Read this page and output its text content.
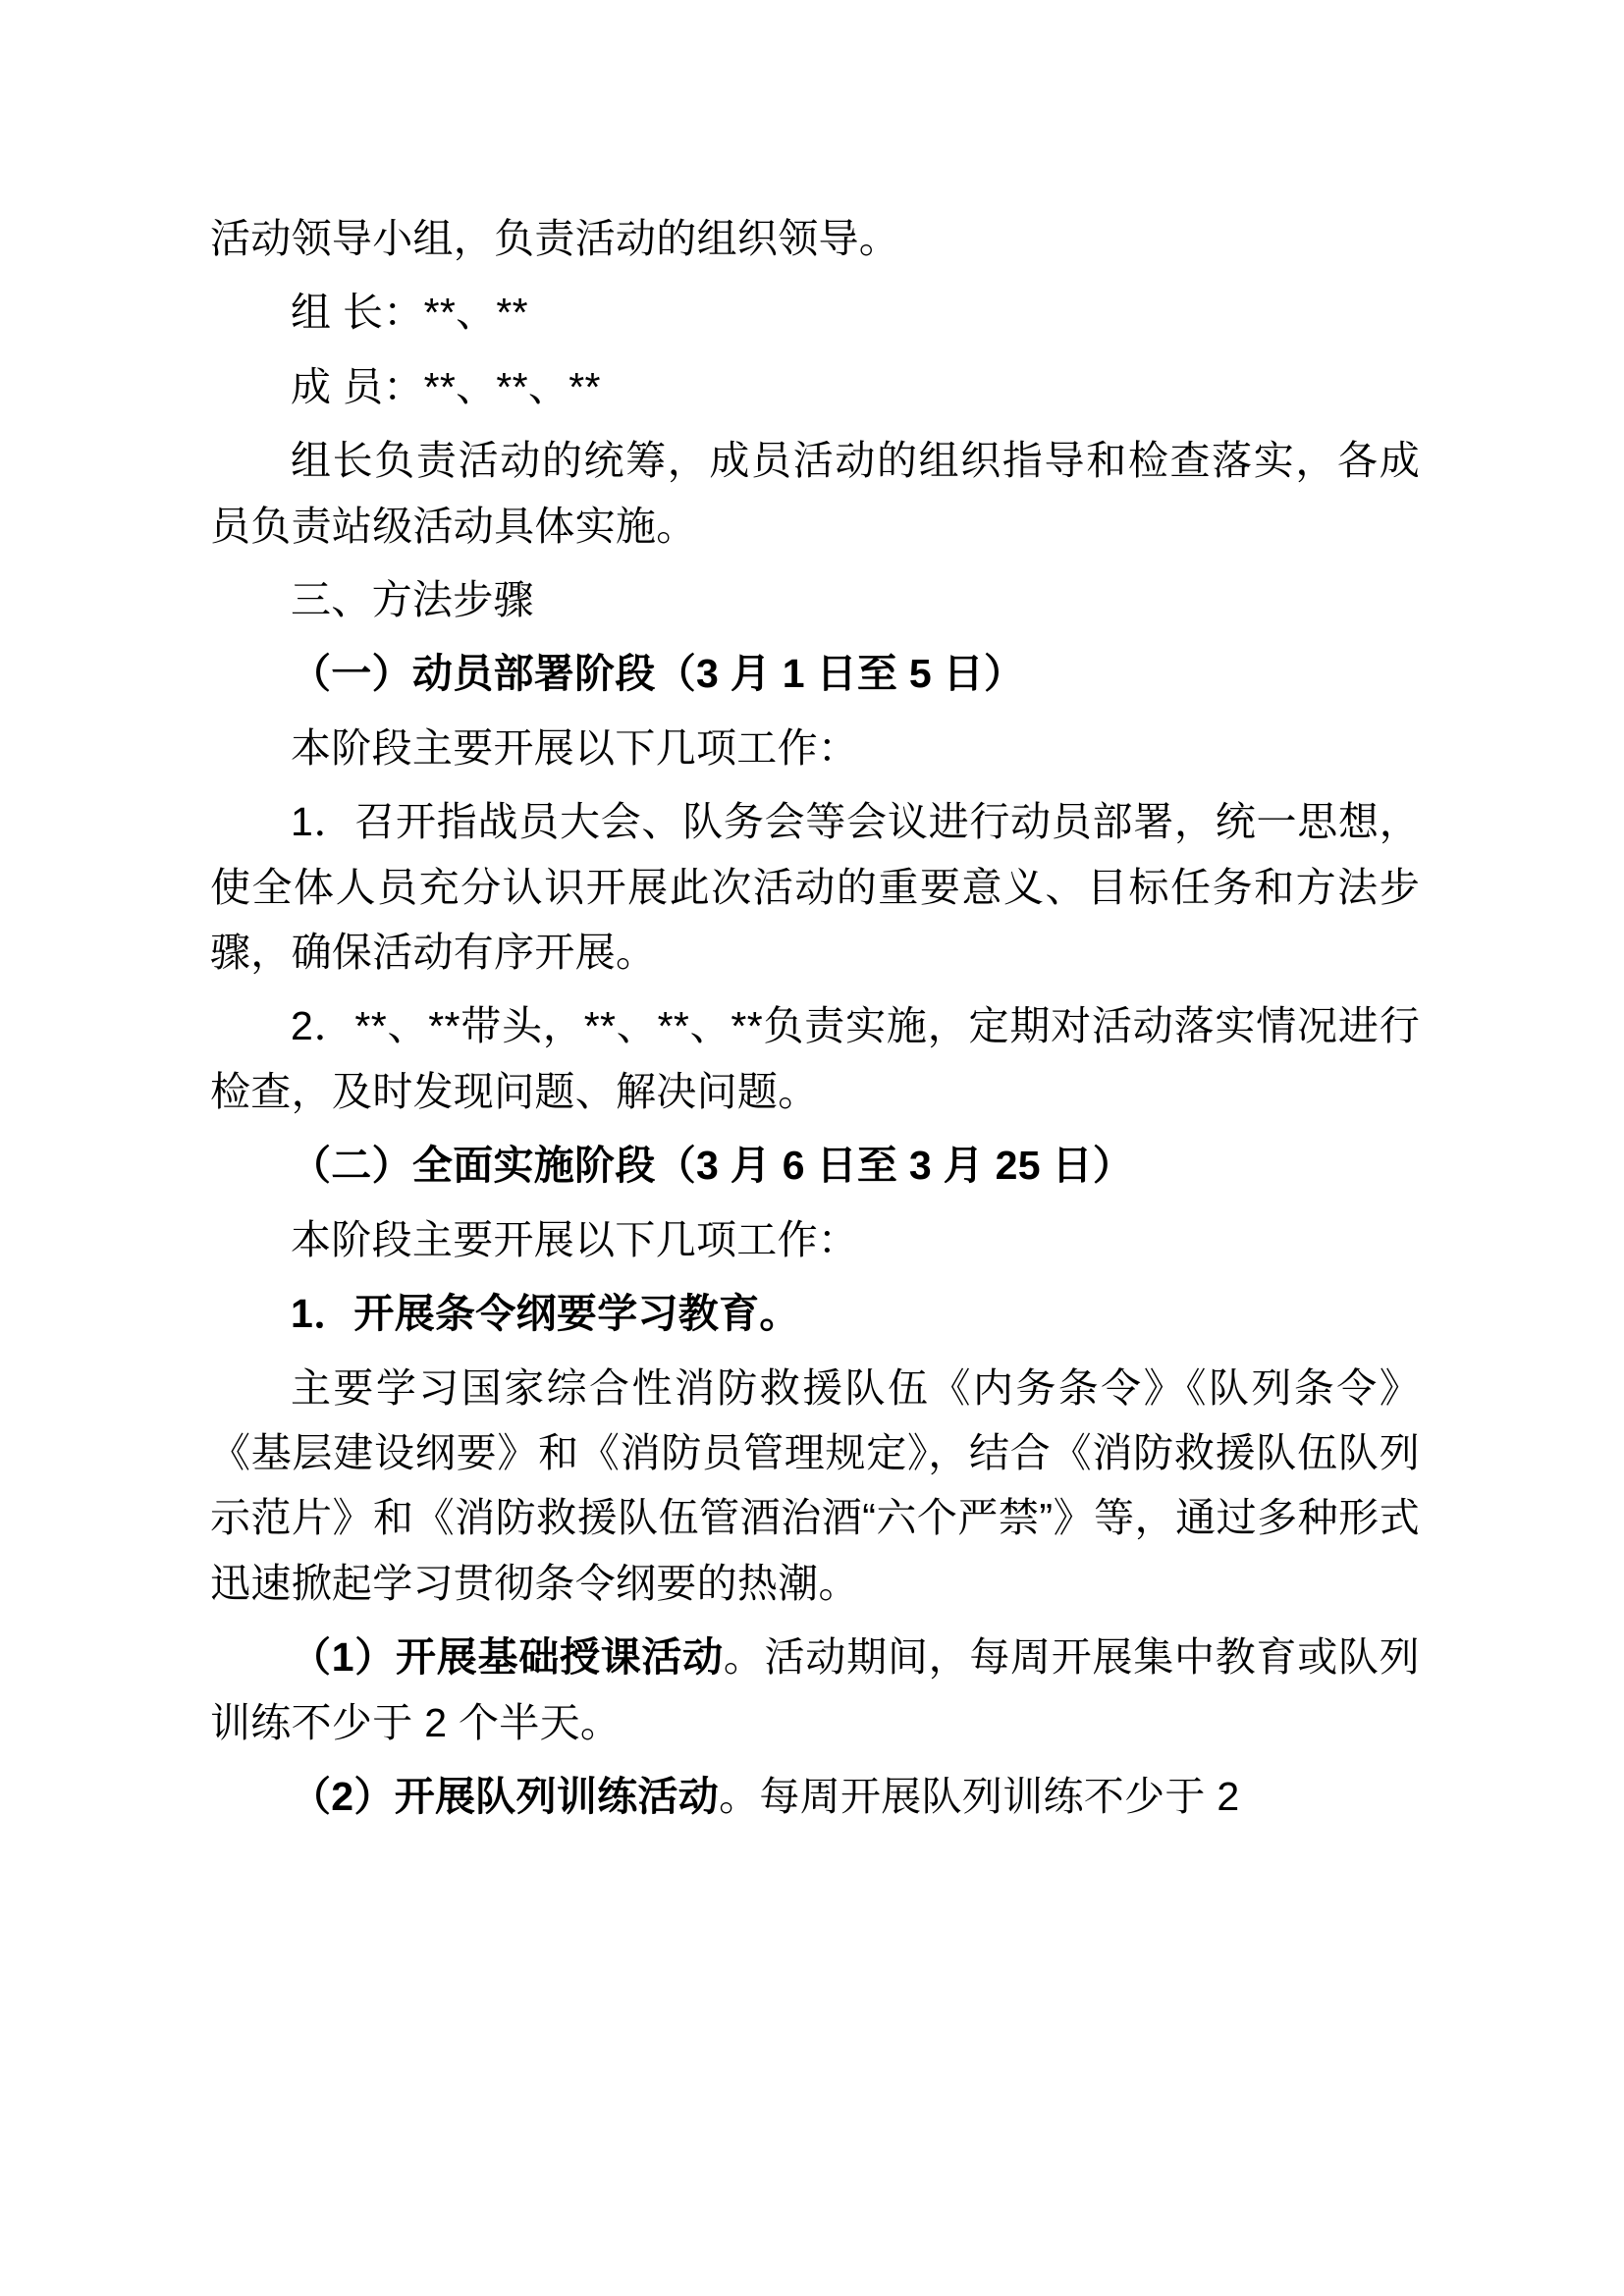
活动领导小组，负责活动的组织领导。

组 长：**、**

成 员：**、**、**

组长负责活动的统筹，成员活动的组织指导和检查落实，各成员负责站级活动具体实施。

三、方法步骤

（一）动员部署阶段（3 月 1 日至 5 日）

本阶段主要开展以下几项工作：

1．召开指战员大会、队务会等会议进行动员部署，统一思想，使全体人员充分认识开展此次活动的重要意义、目标任务和方法步骤，确保活动有序开展。

2．**、**带头，**、**、**负责实施，定期对活动落实情况进行检查，及时发现问题、解决问题。

（二）全面实施阶段（3 月 6 日至 3 月 25 日）

本阶段主要开展以下几项工作：

1．开展条令纲要学习教育。

主要学习国家综合性消防救援队伍《内务条令》《队列条令》《基层建设纲要》和《消防员管理规定》，结合《消防救援队伍队列示范片》和《消防救援队伍管酒治酒“六个严禁”》等，通过多种形式迅速掀起学习贯彻条令纲要的热潮。

（1）开展基础授课活动。活动期间，每周开展集中教育或队列训练不少于 2 个半天。

（2）开展队列训练活动。每周开展队列训练不少于 2
